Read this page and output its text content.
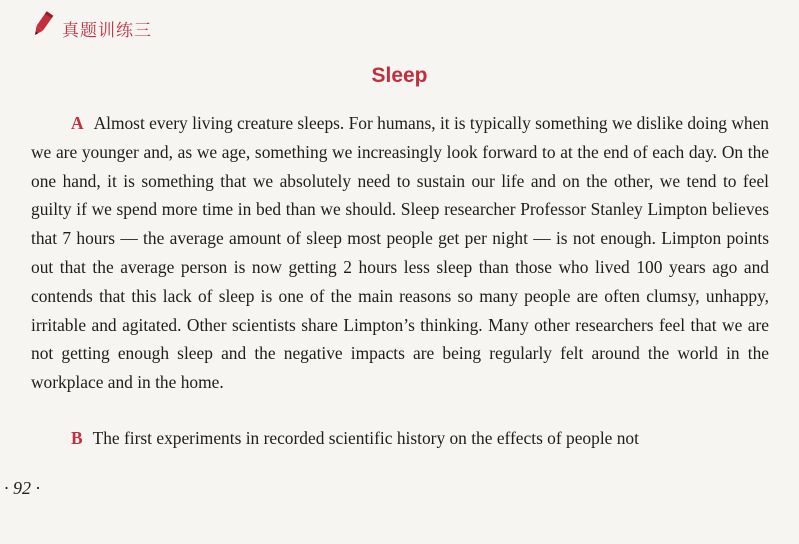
真题训练三
Sleep

A Almost every living creature sleeps. For humans, it is typically something we dislike doing when we are younger and, as we age, something we increasingly look forward to at the end of each day. On the one hand, it is something that we absolutely need to sustain our life and on the other, we tend to feel guilty if we spend more time in bed than we should. Sleep researcher Professor Stanley Limpton believes that 7 hours — the average amount of sleep most people get per night — is not enough. Limpton points out that the average person is now getting 2 hours less sleep than those who lived 100 years ago and contends that this lack of sleep is one of the main reasons so many people are often clumsy, unhappy, irritable and agitated. Other scientists share Limpton’s thinking. Many other researchers feel that we are not getting enough sleep and the negative impacts are being regularly felt around the world in the workplace and in the home.

B The first experiments in recorded scientific history on the effects of people not

· 92 ·
